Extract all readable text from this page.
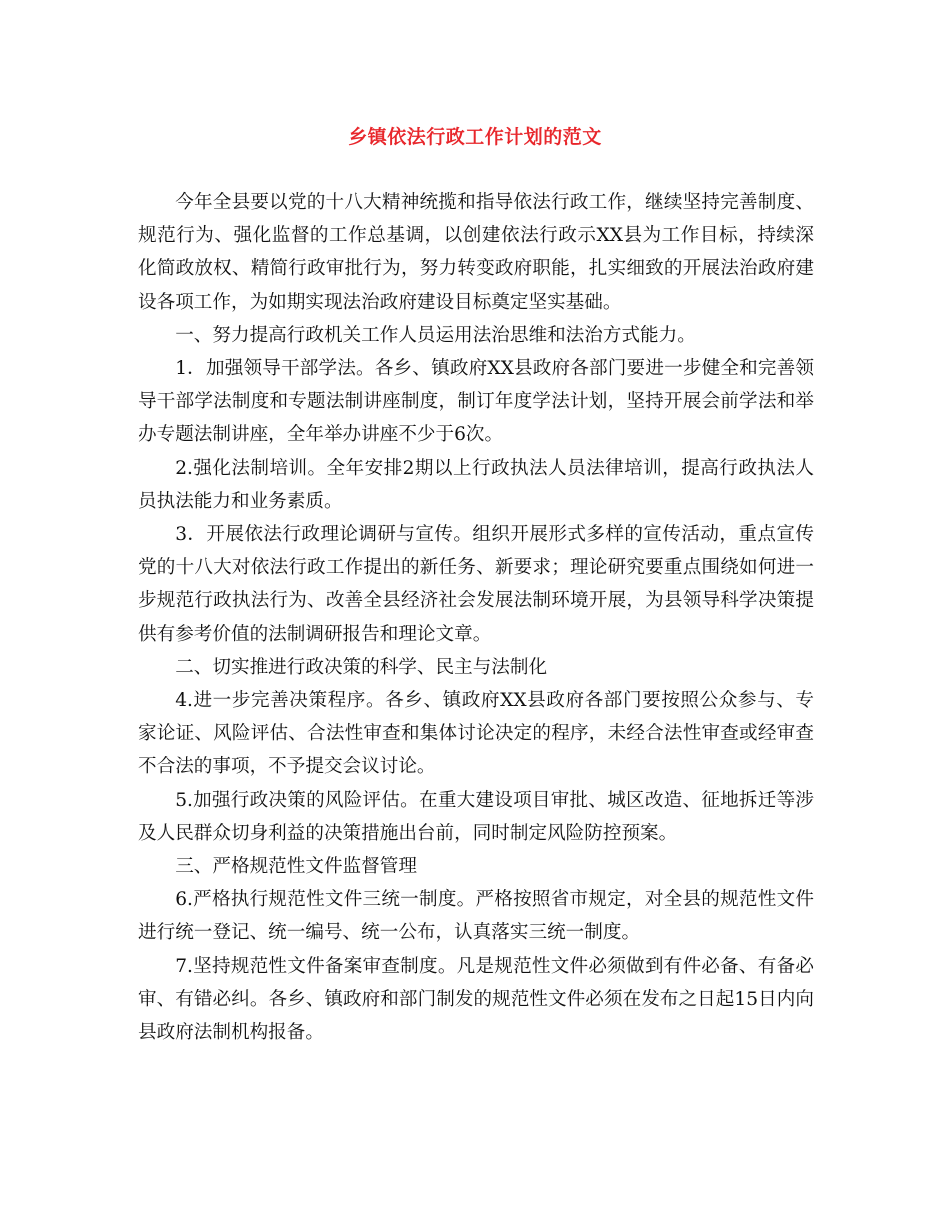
乡镇依法行政工作计划的范文

今年全县要以党的十八大精神统揽和指导依法行政工作，继续坚持完善制度、规范行为、强化监督的工作总基调，以创建依法行政示XX县为工作目标，持续深化简政放权、精简行政审批行为，努力转变政府职能，扎实细致的开展法治政府建设各项工作，为如期实现法治政府建设目标奠定坚实基础。

一、努力提高行政机关工作人员运用法治思维和法治方式能力。

1．加强领导干部学法。各乡、镇政府XX县政府各部门要进一步健全和完善领导干部学法制度和专题法制讲座制度，制订年度学法计划，坚持开展会前学法和举办专题法制讲座，全年举办讲座不少于6次。

2.强化法制培训。全年安排2期以上行政执法人员法律培训，提高行政执法人员执法能力和业务素质。

3．开展依法行政理论调研与宣传。组织开展形式多样的宣传活动，重点宣传党的十八大对依法行政工作提出的新任务、新要求；理论研究要重点围绕如何进一步规范行政执法行为、改善全县经济社会发展法制环境开展，为县领导科学决策提供有参考价值的法制调研报告和理论文章。

二、切实推进行政决策的科学、民主与法制化

4.进一步完善决策程序。各乡、镇政府XX县政府各部门要按照公众参与、专家论证、风险评估、合法性审查和集体讨论决定的程序，未经合法性审查或经审查不合法的事项，不予提交会议讨论。

5.加强行政决策的风险评估。在重大建设项目审批、城区改造、征地拆迁等涉及人民群众切身利益的决策措施出台前，同时制定风险防控预案。

三、严格规范性文件监督管理

6.严格执行规范性文件三统一制度。严格按照省市规定，对全县的规范性文件进行统一登记、统一编号、统一公布，认真落实三统一制度。

7.坚持规范性文件备案审查制度。凡是规范性文件必须做到有件必备、有备必审、有错必纠。各乡、镇政府和部门制发的规范性文件必须在发布之日起15日内向县政府法制机构报备。
